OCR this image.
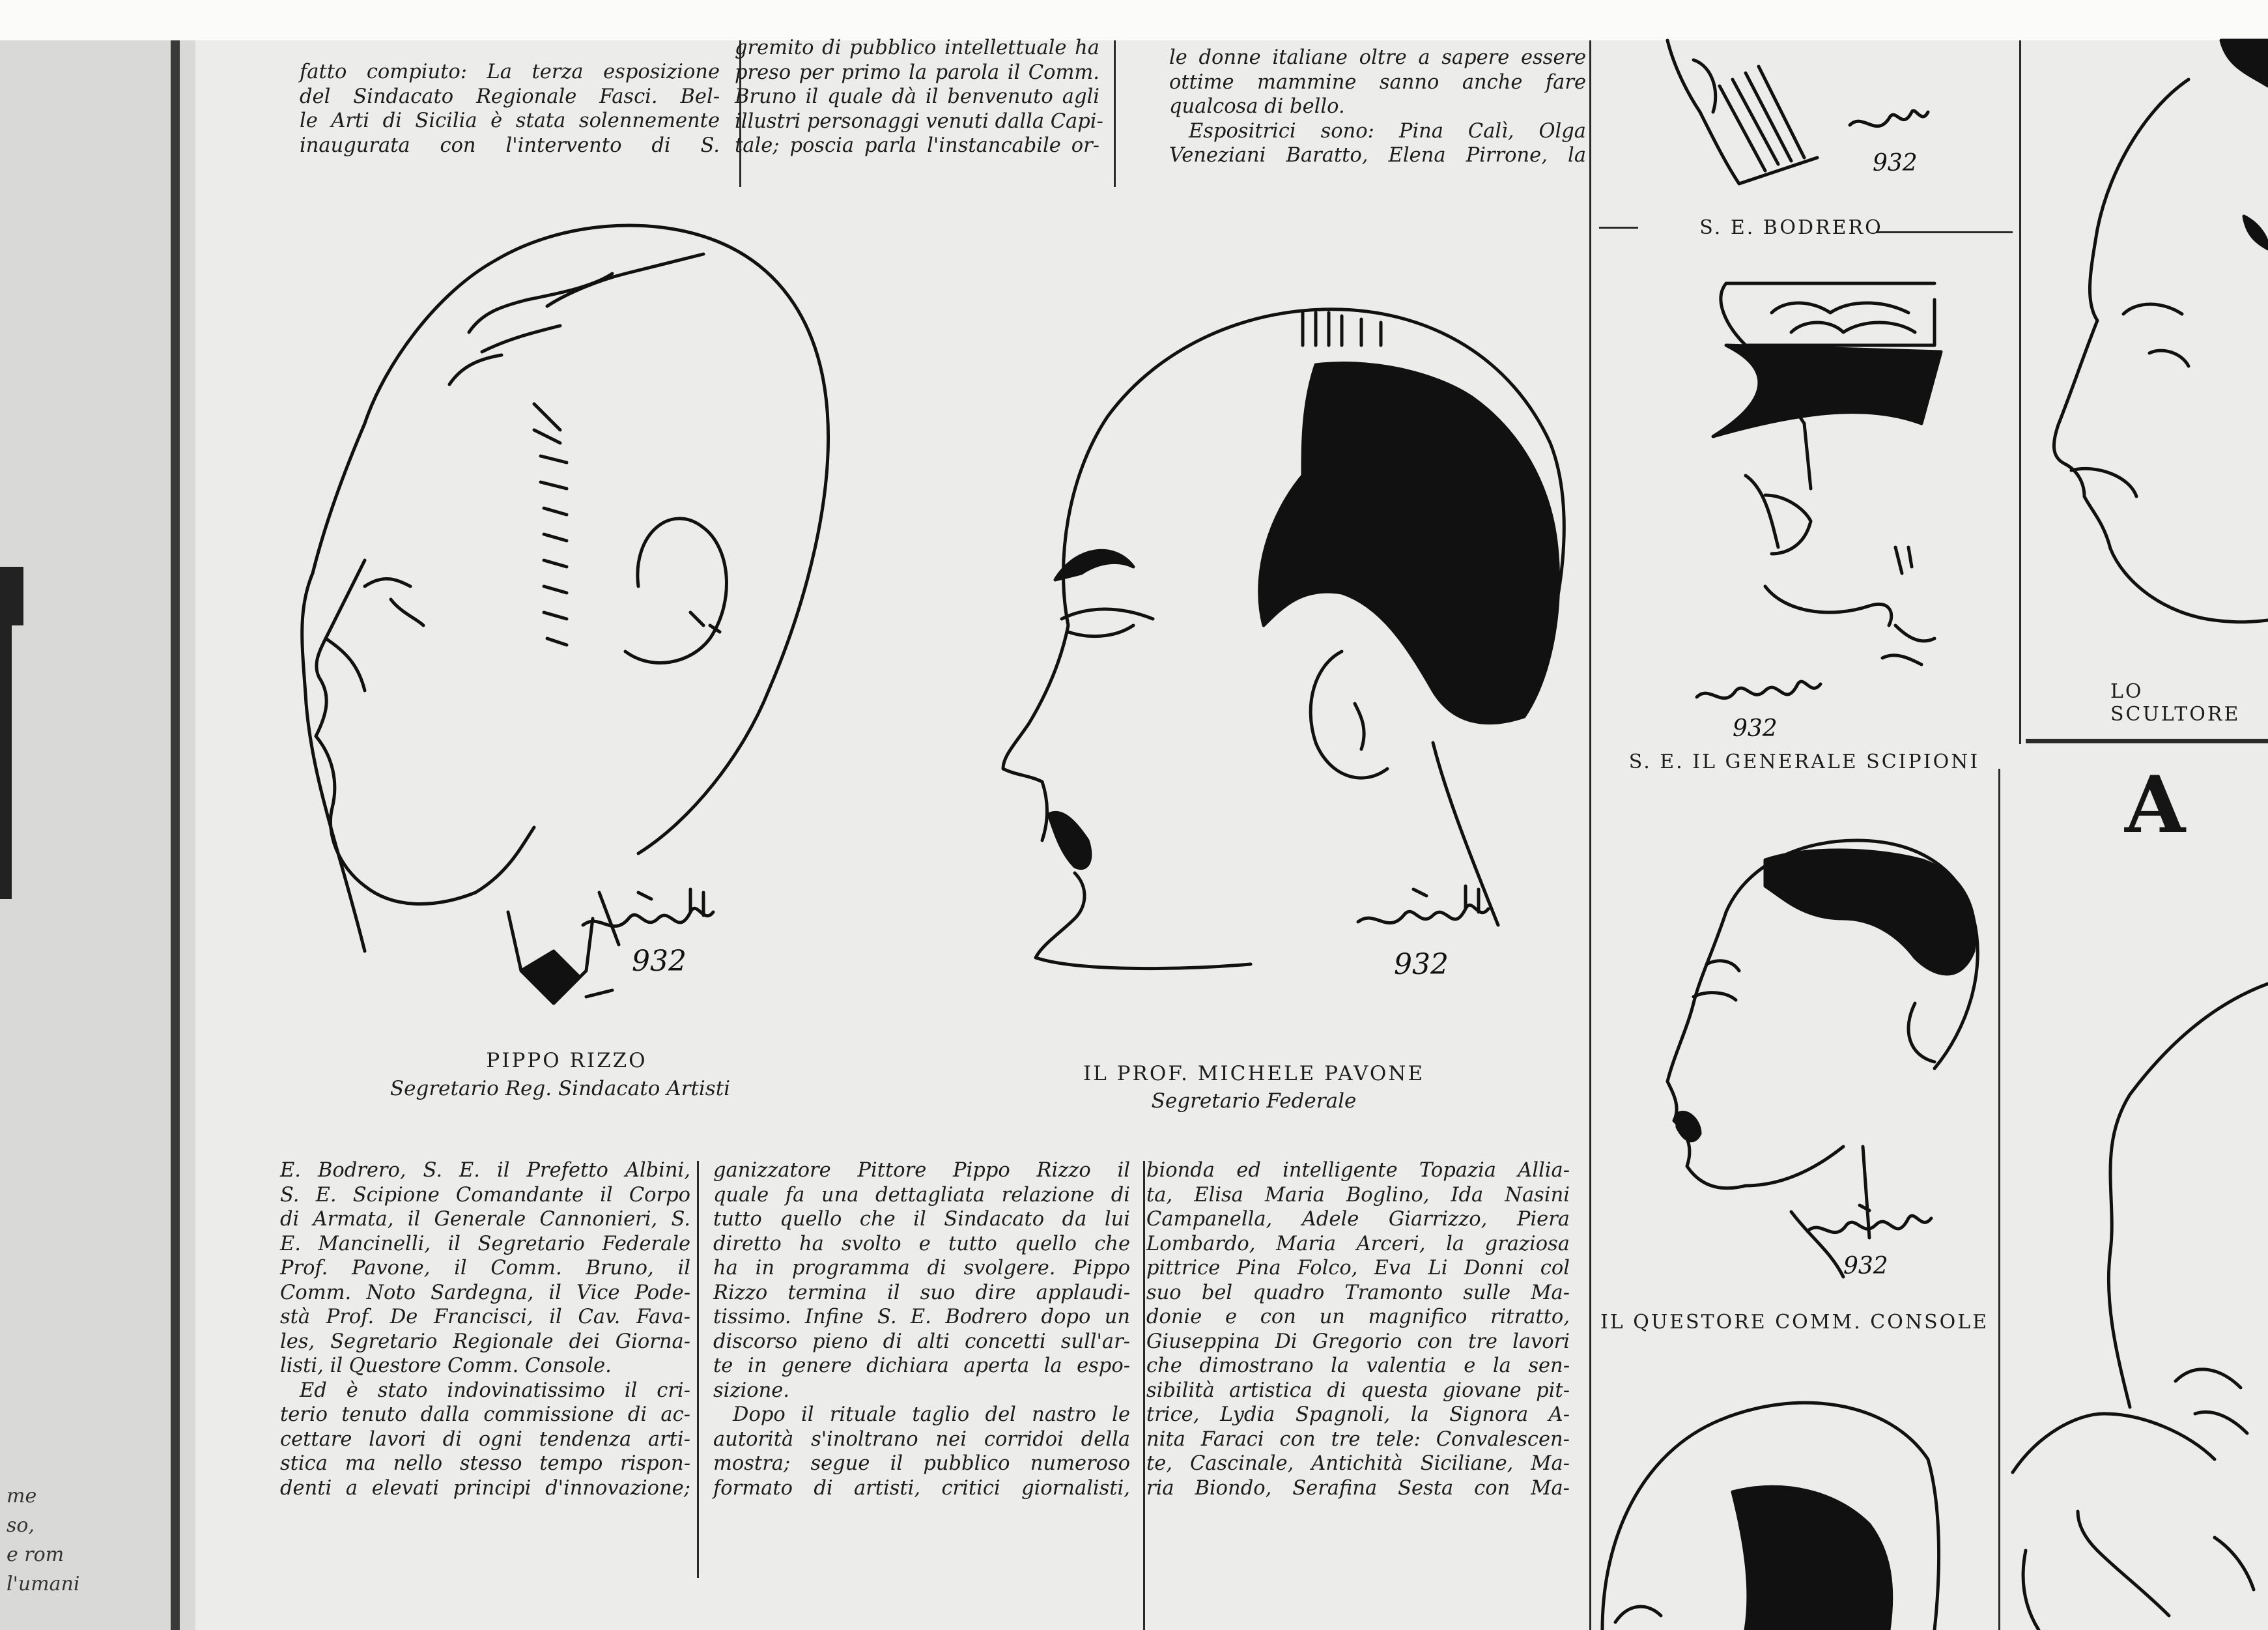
me
so,
e rom
l'umani

fatto compiuto: La terza esposizione

del Sindacato Regionale Fasci. Bel-

le Arti di Sicilia è stata solennemente

inaugurata con l'intervento di S.

gremito di pubblico intellettuale ha

preso per primo la parola il Comm.

Bruno il quale dà il benvenuto agli

illustri personaggi venuti dalla Capi-

tale; poscia parla l'instancabile or-

le donne italiane oltre a sapere essere

ottime mammine sanno anche fare

qualcosa di bello.

Espositrici sono: Pina Calì, Olga

Veneziani Baratto, Elena Pirrone, la

932
PIPPO RIZZO
Segretario Reg. Sindacato Artisti
932
IL PROF. MICHELE PAVONE
Segretario Federale
932
S. E. BODRERO
932
S. E. IL GENERALE SCIPIONI
932
IL QUESTORE COMM. CONSOLE
LO SCULTORE
A

E. Bodrero, S. E. il Prefetto Albini,

S. E. Scipione Comandante il Corpo

di Armata, il Generale Cannonieri, S.

E. Mancinelli, il Segretario Federale

Prof. Pavone, il Comm. Bruno, il

Comm. Noto Sardegna, il Vice Pode-

stà Prof. De Francisci, il Cav. Fava-

les, Segretario Regionale dei Giorna-

listi, il Questore Comm. Console.

Ed è stato indovinatissimo il cri-

terio tenuto dalla commissione di ac-

cettare lavori di ogni tendenza arti-

stica ma nello stesso tempo rispon-

denti a elevati principi d'innovazione;

ganizzatore Pittore Pippo Rizzo il

quale fa una dettagliata relazione di

tutto quello che il Sindacato da lui

diretto ha svolto e tutto quello che

ha in programma di svolgere. Pippo

Rizzo termina il suo dire applaudi-

tissimo. Infine S. E. Bodrero dopo un

discorso pieno di alti concetti sull'ar-

te in genere dichiara aperta la espo-

sizione.

Dopo il rituale taglio del nastro le

autorità s'inoltrano nei corridoi della

mostra; segue il pubblico numeroso

formato di artisti, critici giornalisti,

bionda ed intelligente Topazia Allia-

ta, Elisa Maria Boglino, Ida Nasini

Campanella, Adele Giarrizzo, Piera

Lombardo, Maria Arceri, la graziosa

pittrice Pina Folco, Eva Li Donni col

suo bel quadro Tramonto sulle Ma-

donie e con un magnifico ritratto,

Giuseppina Di Gregorio con tre lavori

che dimostrano la valentia e la sen-

sibilità artistica di questa giovane pit-

trice, Lydia Spagnoli, la Signora A-

nita Faraci con tre tele: Convalescen-

te, Cascinale, Antichità Siciliane, Ma-

ria Biondo, Serafina Sesta con Ma-
